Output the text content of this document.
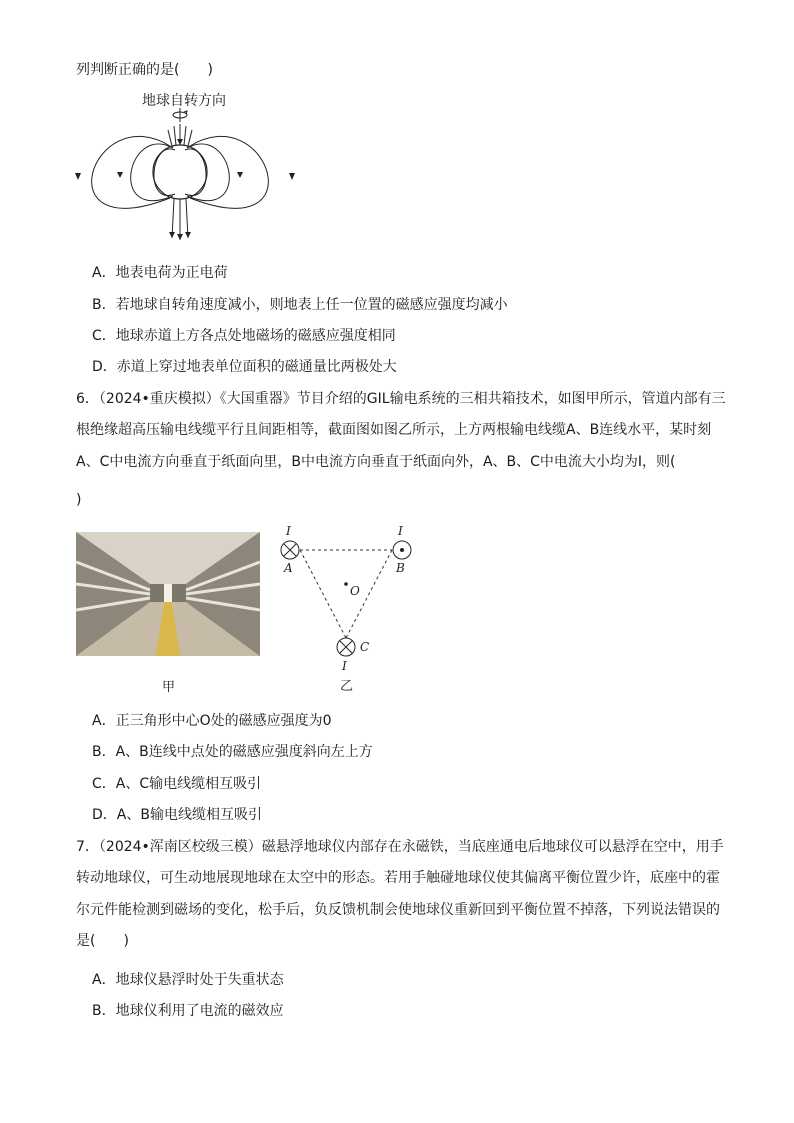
列判断正确的是(　　)
地球自转方向
A．地表电荷为正电荷
B．若地球自转角速度减小，则地表上任一位置的磁感应强度均减小
C．地球赤道上方各点处地磁场的磁感应强度相同
D．赤道上穿过地表单位面积的磁通量比两极处大
6．（2024•重庆模拟）《大国重器》节目介绍的GIL输电系统的三相共箱技术，如图甲所示，管道内部有三
根绝缘超高压输电线缆平行且间距相等，截面图如图乙所示，上方两根输电线缆A、B连线水平，某时刻
A、C中电流方向垂直于纸面向里，B中电流方向垂直于纸面向外，A、B、C中电流大小均为I，则(
)
甲
I	I
A	B
O
C
I
乙
A．正三角形中心O处的磁感应强度为0
B．A、B连线中点处的磁感应强度斜向左上方
C．A、C输电线缆相互吸引
D．A、B输电线缆相互吸引
7．（2024•浑南区校级三模）磁悬浮地球仪内部存在永磁铁，当底座通电后地球仪可以悬浮在空中，用手
转动地球仪，可生动地展现地球在太空中的形态。若用手触碰地球仪使其偏离平衡位置少许，底座中的霍
尔元件能检测到磁场的变化，松手后，负反馈机制会使地球仪重新回到平衡位置不掉落，下列说法错误的
是(　　)
A．地球仪悬浮时处于失重状态
B．地球仪利用了电流的磁效应
